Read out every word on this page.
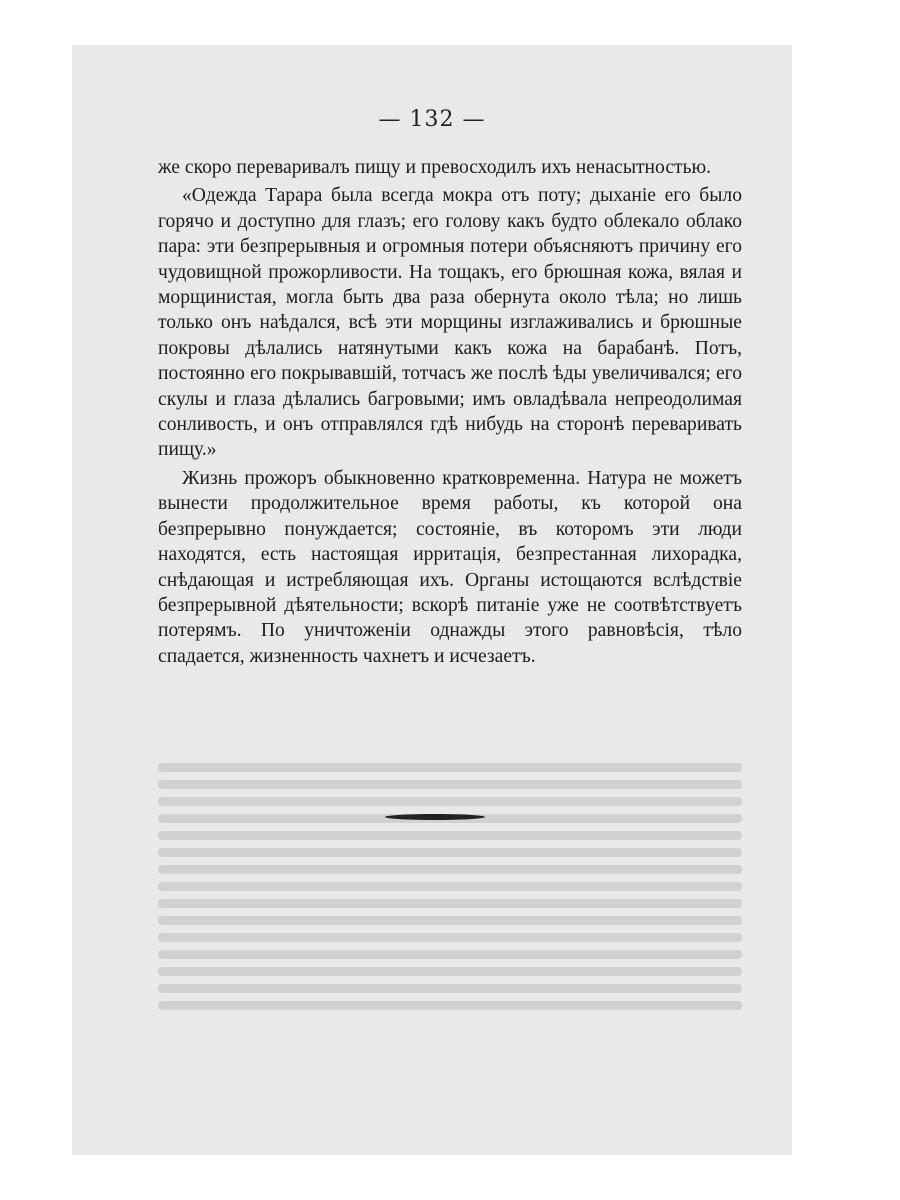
— 132 —

же скоро переваривалъ пищу и превосходилъ ихъ ненасытностью.

«Одежда Тарара была всегда мокра отъ поту; дыханіе его было горячо и доступно для глазъ; его голову какъ будто облекало облако пара: эти безпрерывныя и огромныя потери объясняютъ причину его чудовищной прожорливости. На тощакъ, его брюшная кожа, вялая и морщинистая, могла быть два раза обернута около тѣла; но лишь только онъ наѣдался, всѣ эти морщины изглаживались и брюшные покровы дѣлались натянутыми какъ кожа на барабанѣ. Потъ, постоянно его покрывавшій, тотчасъ же послѣ ѣды увеличивался; его скулы и глаза дѣлались багровыми; имъ овладѣвала непреодолимая сонливость, и онъ отправлялся гдѣ нибудь на сторонѣ переваривать пищу.»

Жизнь прожоръ обыкновенно кратковременна. Натура не можетъ вынести продолжительное время работы, къ которой она безпрерывно понуждается; состояніе, въ которомъ эти люди находятся, есть настоящая ирритація, безпрестанная лихорадка, снѣдающая и истребляющая ихъ. Органы истощаются вслѣдствіе безпрерывной дѣятельности; вскорѣ питаніе уже не соотвѣтствуетъ потерямъ. По уничтоженіи однажды этого равновѣсія, тѣло спадается, жизненность чахнетъ и исчезаетъ.
